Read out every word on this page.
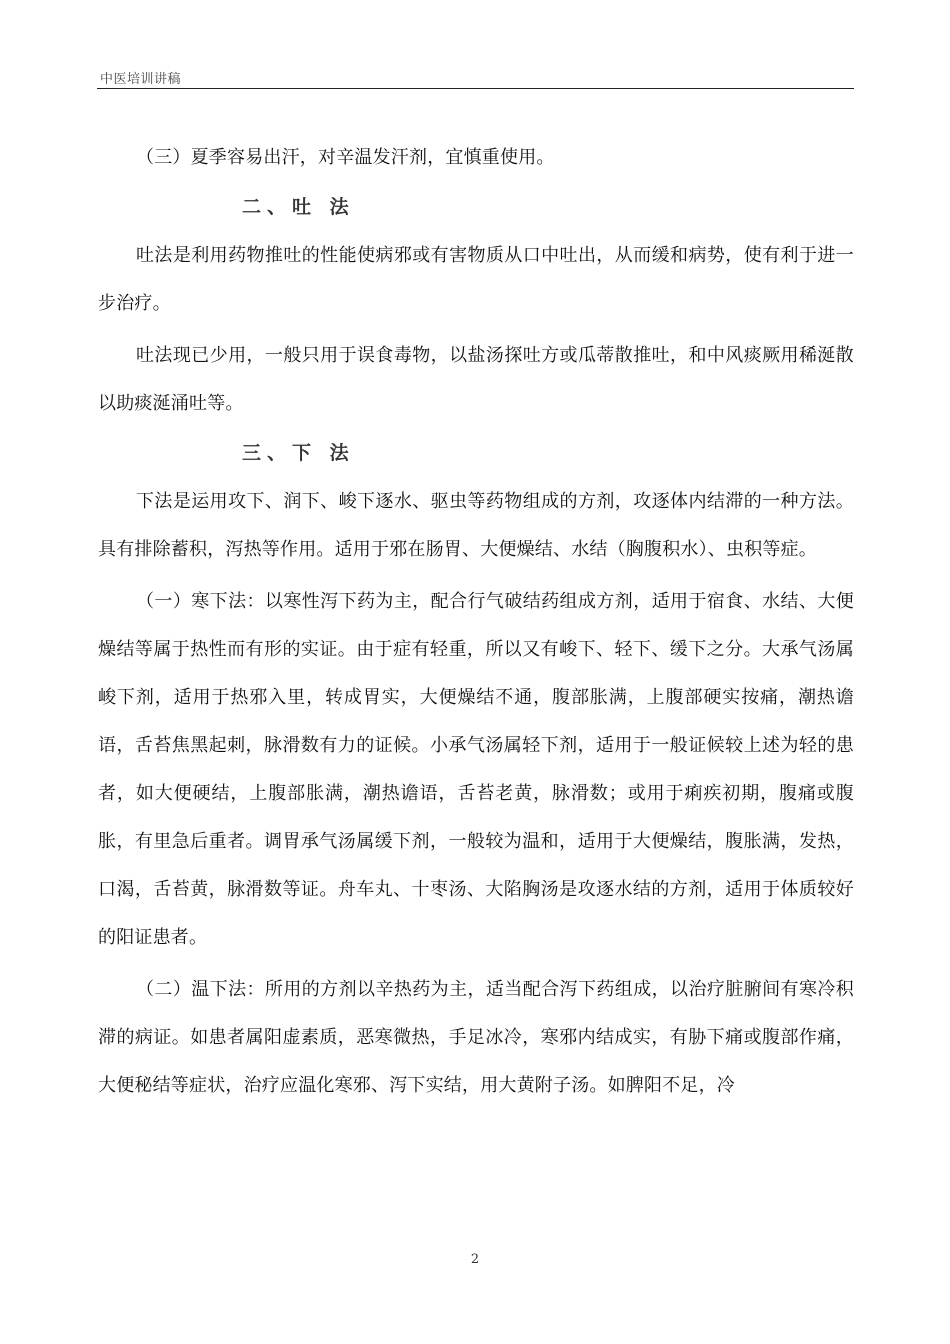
中医培训讲稿

（三）夏季容易出汗，对辛温发汗剂，宜慎重使用。

二、吐 法

吐法是利用药物推吐的性能使病邪或有害物质从口中吐出，从而缓和病势，使有利于进一步治疗。

吐法现已少用，一般只用于误食毒物，以盐汤探吐方或瓜蒂散推吐，和中风痰厥用稀涎散以助痰涎涌吐等。

三、下 法

下法是运用攻下、润下、峻下逐水、驱虫等药物组成的方剂，攻逐体内结滞的一种方法。具有排除蓄积，泻热等作用。适用于邪在肠胃、大便燥结、水结（胸腹积水）、虫积等症。

（一）寒下法：以寒性泻下药为主，配合行气破结药组成方剂，适用于宿食、水结、大便燥结等属于热性而有形的实证。由于症有轻重，所以又有峻下、轻下、缓下之分。大承气汤属峻下剂，适用于热邪入里，转成胃实，大便燥结不通，腹部胀满，上腹部硬实按痛，潮热谵语，舌苔焦黑起刺，脉滑数有力的证候。小承气汤属轻下剂，适用于一般证候较上述为轻的患者，如大便硬结，上腹部胀满，潮热谵语，舌苔老黄，脉滑数；或用于痢疾初期，腹痛或腹胀，有里急后重者。调胃承气汤属缓下剂，一般较为温和，适用于大便燥结，腹胀满，发热，口渴，舌苔黄，脉滑数等证。舟车丸、十枣汤、大陷胸汤是攻逐水结的方剂，适用于体质较好的阳证患者。

（二）温下法：所用的方剂以辛热药为主，适当配合泻下药组成，以治疗脏腑间有寒冷积滞的病证。如患者属阳虚素质，恶寒微热，手足冰冷，寒邪内结成实，有胁下痛或腹部作痛，大便秘结等症状，治疗应温化寒邪、泻下实结，用大黄附子汤。如脾阳不足，冷

2
